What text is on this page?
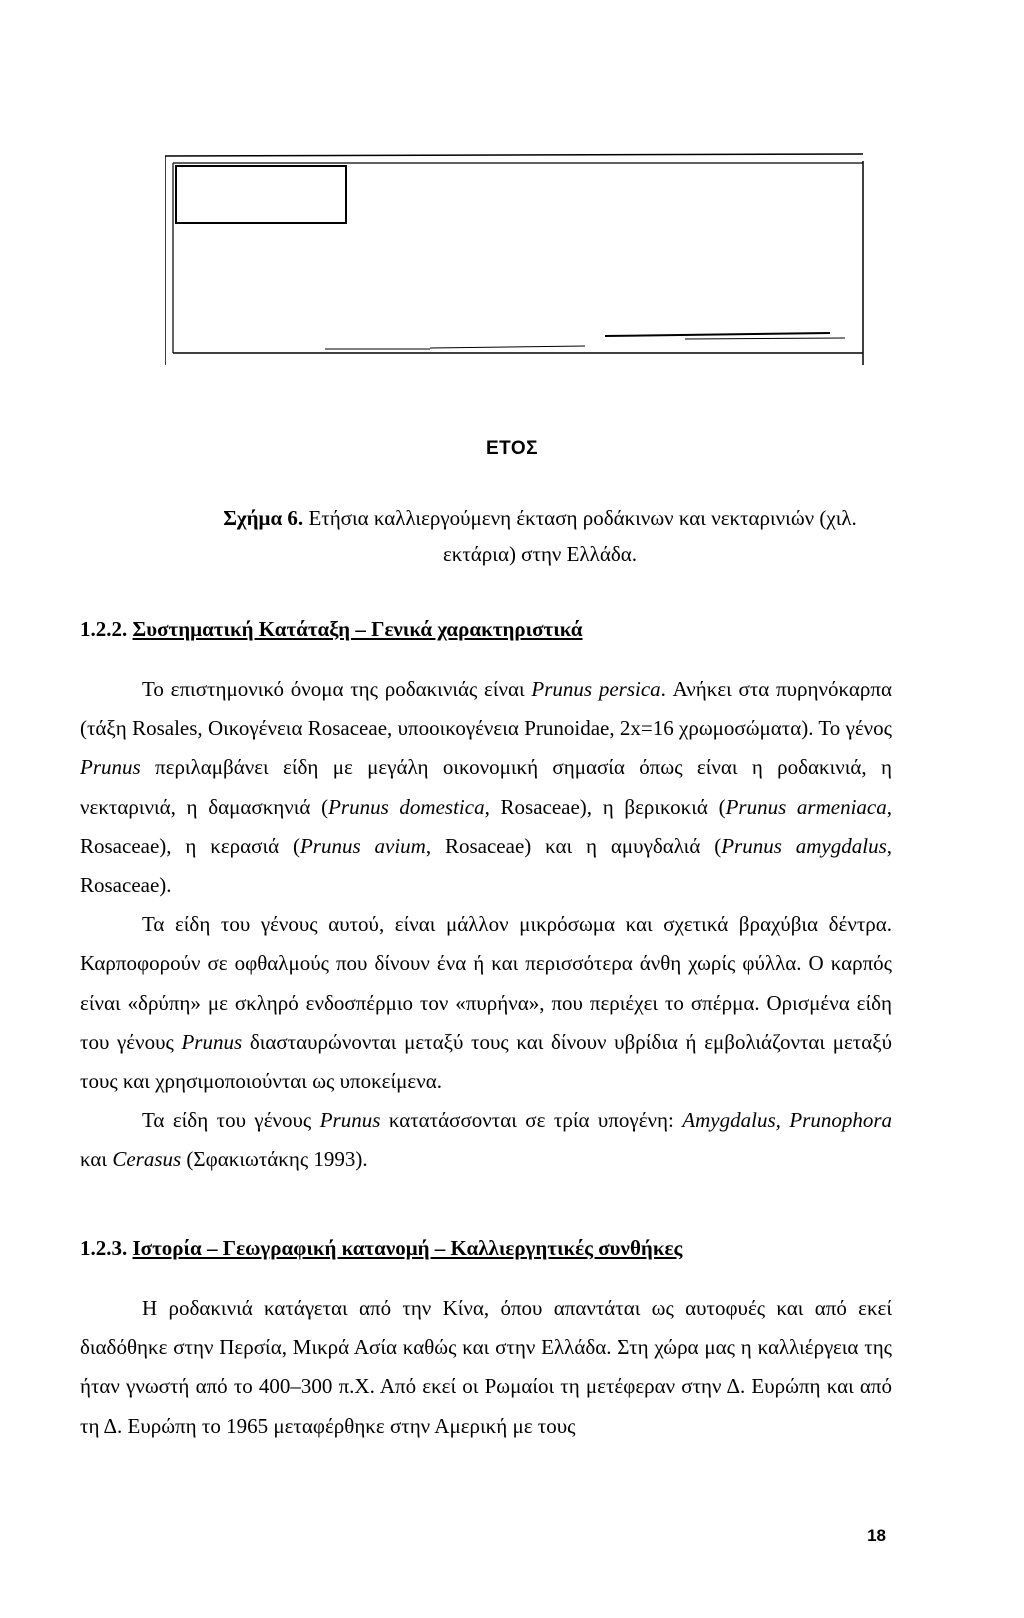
ΕΤΟΣ
Σχήμα 6. Ετήσια καλλιεργούμενη έκταση ροδάκινων και νεκταρινιών (χιλ. εκτάρια) στην Ελλάδα.
1.2.2. Συστηματική Κατάταξη – Γενικά χαρακτηριστικά

Το επιστημονικό όνομα της ροδακινιάς είναι Prunus persica. Ανήκει στα πυρηνόκαρπα (τάξη Rosales, Οικογένεια Rosaceae, υποοικογένεια Prunoidae, 2x=16 χρωμοσώματα). Το γένος Prunus περιλαμβάνει είδη με μεγάλη οικονομική σημασία όπως είναι η ροδακινιά, η νεκταρινιά, η δαμασκηνιά (Prunus domestica, Rosaceae), η βερικοκιά (Prunus armeniaca, Rosaceae), η κερασιά (Prunus avium, Rosaceae) και η αμυγδαλιά (Prunus amygdalus, Rosaceae).

Τα είδη του γένους αυτού, είναι μάλλον μικρόσωμα και σχετικά βραχύβια δέντρα. Καρποφορούν σε οφθαλμούς που δίνουν ένα ή και περισσότερα άνθη χωρίς φύλλα. Ο καρπός είναι «δρύπη» με σκληρό ενδοσπέρμιο τον «πυρήνα», που περιέχει το σπέρμα. Ορισμένα είδη του γένους Prunus διασταυρώνονται μεταξύ τους και δίνουν υβρίδια ή εμβολιάζονται μεταξύ τους και χρησιμοποιούνται ως υποκείμενα.

Τα είδη του γένους Prunus κατατάσσονται σε τρία υπογένη: Amygdalus, Prunophora και Cerasus (Σφακιωτάκης 1993).

1.2.3. Ιστορία – Γεωγραφική κατανομή – Καλλιεργητικές συνθήκες

Η ροδακινιά κατάγεται από την Κίνα, όπου απαντάται ως αυτοφυές και από εκεί διαδόθηκε στην Περσία, Μικρά Ασία καθώς και στην Ελλάδα. Στη χώρα μας η καλλιέργεια της ήταν γνωστή από το 400–300 π.Χ. Από εκεί οι Ρωμαίοι τη μετέφεραν στην Δ. Ευρώπη και από τη Δ. Ευρώπη το 1965 μεταφέρθηκε στην Αμερική με τους

18
